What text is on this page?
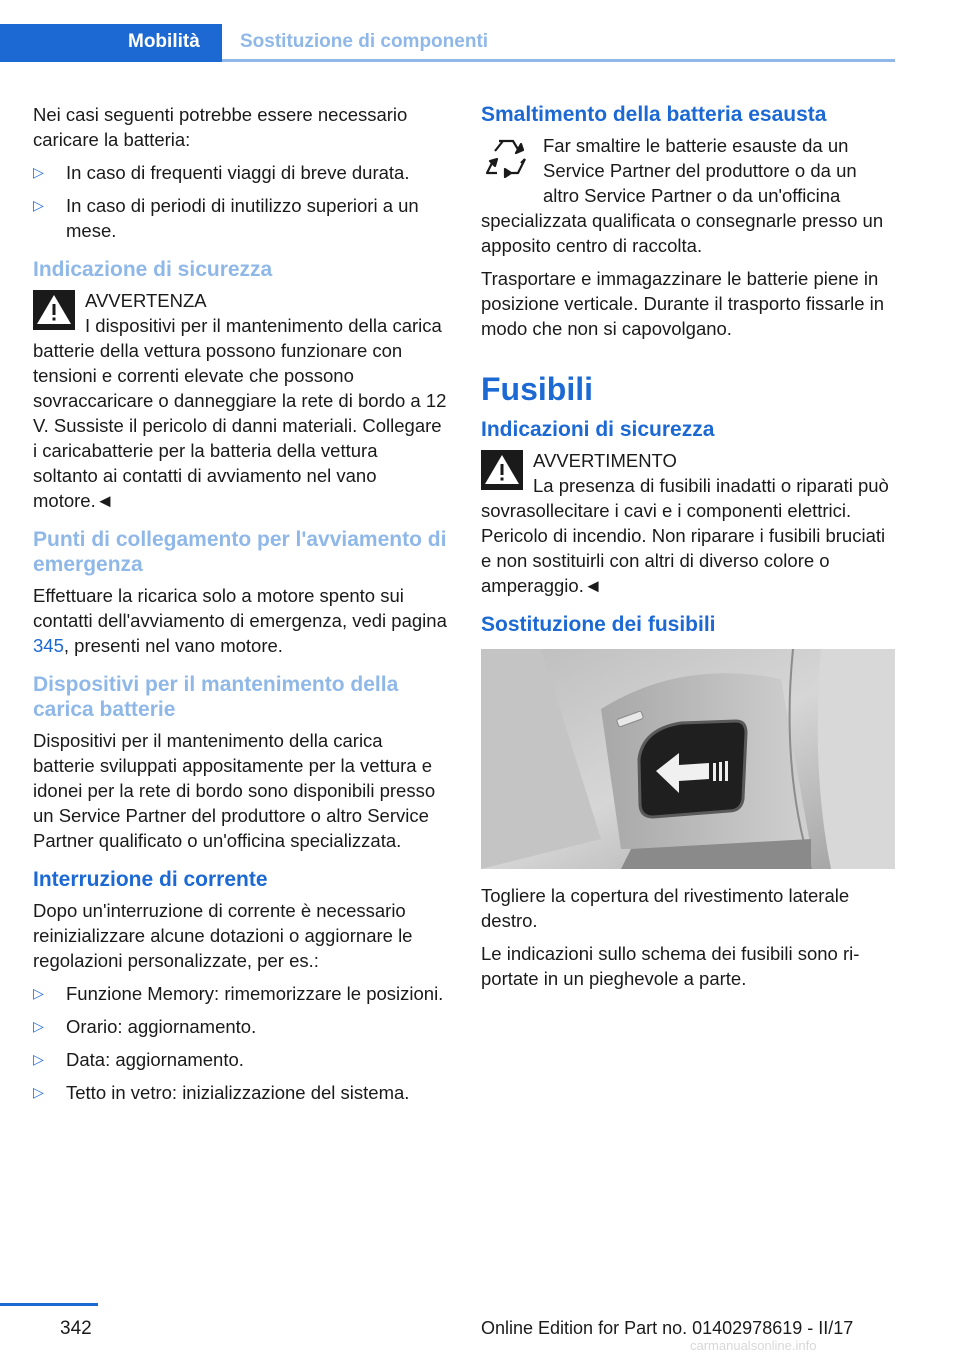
Mobilità Sostituzione di componenti

Nei casi seguenti potrebbe essere necessario caricare la batteria:

▷ In caso di frequenti viaggi di breve durata.
▷ In caso di periodi di inutilizzo superiori a un mese.
Indicazione di sicurezza
AVVERTENZA
I dispositivi per il mantenimento della carica batterie della vettura possono funzionare con tensioni e correnti elevate che possono sovraccaricare o danneggiare la rete di bordo a 12 V. Sussiste il pericolo di danni materiali. Collegare i caricabatterie per la batteria della vettura soltanto ai contatti di avviamento nel vano motore.◄
Punti di collegamento per l'avviamento di emergenza

Effettuare la ricarica solo a motore spento sui contatti dell'avviamento di emergenza, vedi pagina 345, presenti nel vano motore.

Dispositivi per il mantenimento della carica batterie

Dispositivi per il mantenimento della carica batterie sviluppati appositamente per la vettura e idonei per la rete di bordo sono disponibili presso un Service Partner del produttore o altro Service Partner qualificato o un'officina specializzata.

Interruzione di corrente

Dopo un'interruzione di corrente è necessario reinizializzare alcune dotazioni o aggiornare le regolazioni personalizzate, per es.:

▷ Funzione Memory: rimemorizzare le posizioni.
▷ Orario: aggiornamento.
▷ Data: aggiornamento.
▷ Tetto in vetro: inizializzazione del sistema.
Smaltimento della batteria esausta

Far smaltire le batterie esauste da un Service Partner del produttore o da un altro Service Partner o da un'officina specializzata qualificata o consegnarle presso un apposito centro di raccolta.

Trasportare e immagazzinare le batterie piene in posizione verticale. Durante il trasporto fissarle in modo che non si capovolgano.

Fusibili
Indicazioni di sicurezza
AVVERTIMENTO
La presenza di fusibili inadatti o riparati può sovrasollecitare i cavi e i componenti elettrici. Pericolo di incendio. Non riparare i fusibili bruciati e non sostituirli con altri di diverso colore o amperaggio.◄
Sostituzione dei fusibili

Togliere la copertura del rivestimento laterale destro.

Le indicazioni sullo schema dei fusibili sono riportate in un pieghevole a parte.

342	Online Edition for Part no. 01402978619 - II/17
carmanualsonline.info
